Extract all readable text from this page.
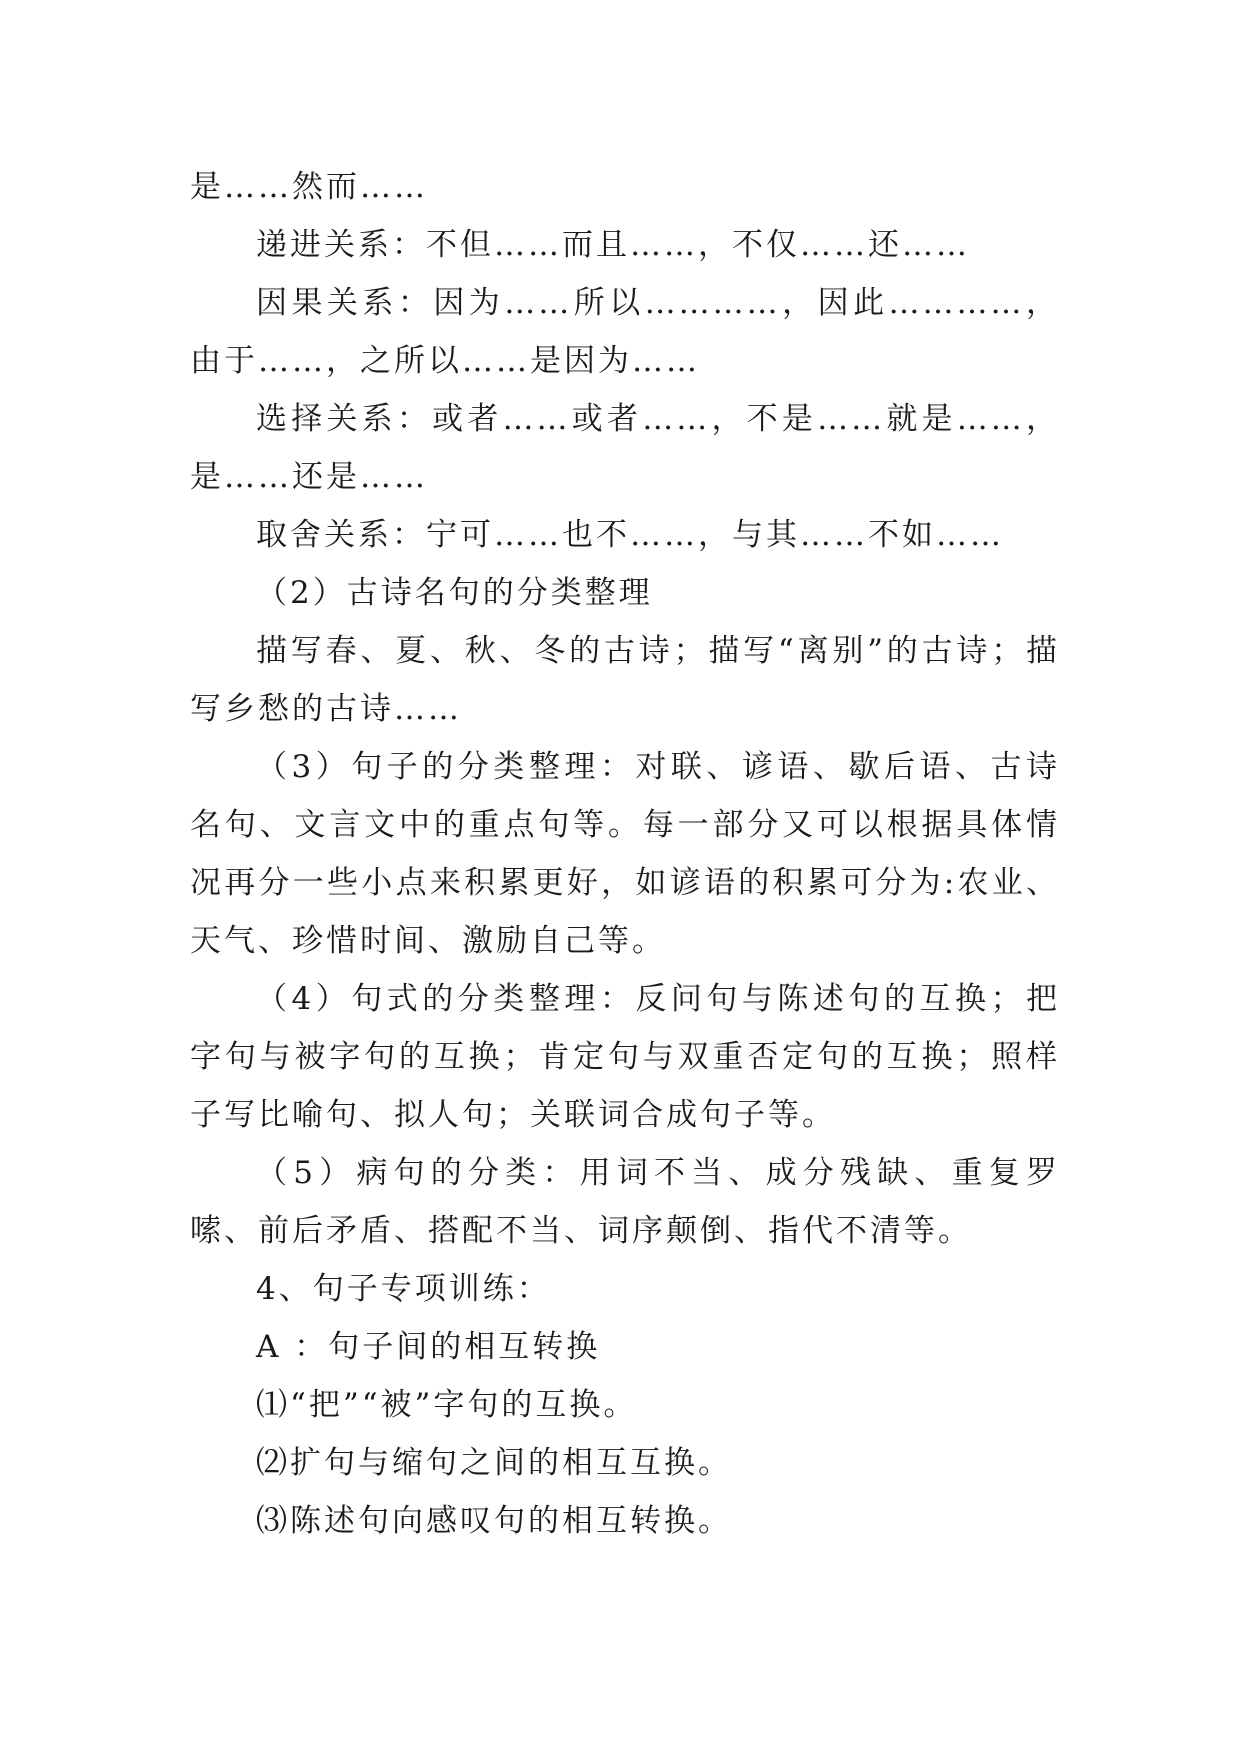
是……然而……

递进关系：不但……而且……，不仅……还……

因果关系：因为……所以…………，因此…………，由于……，之所以……是因为……

选择关系：或者……或者……，不是……就是……，是……还是……

取舍关系：宁可……也不……，与其……不如……

（2）古诗名句的分类整理

描写春、夏、秋、冬的古诗；描写“离别”的古诗；描写乡愁的古诗……

（3）句子的分类整理：对联、谚语、歇后语、古诗名句、文言文中的重点句等。每一部分又可以根据具体情况再分一些小点来积累更好，如谚语的积累可分为:农业、天气、珍惜时间、激励自己等。

（4）句式的分类整理：反问句与陈述句的互换；把字句与被字句的互换；肯定句与双重否定句的互换；照样子写比喻句、拟人句；关联词合成句子等。

（5）病句的分类：用词不当、成分残缺、重复罗嗦、前后矛盾、搭配不当、词序颠倒、指代不清等。

4、句子专项训练：

A ：句子间的相互转换

⑴“把”“被”字句的互换。

⑵扩句与缩句之间的相互互换。

⑶陈述句向感叹句的相互转换。
